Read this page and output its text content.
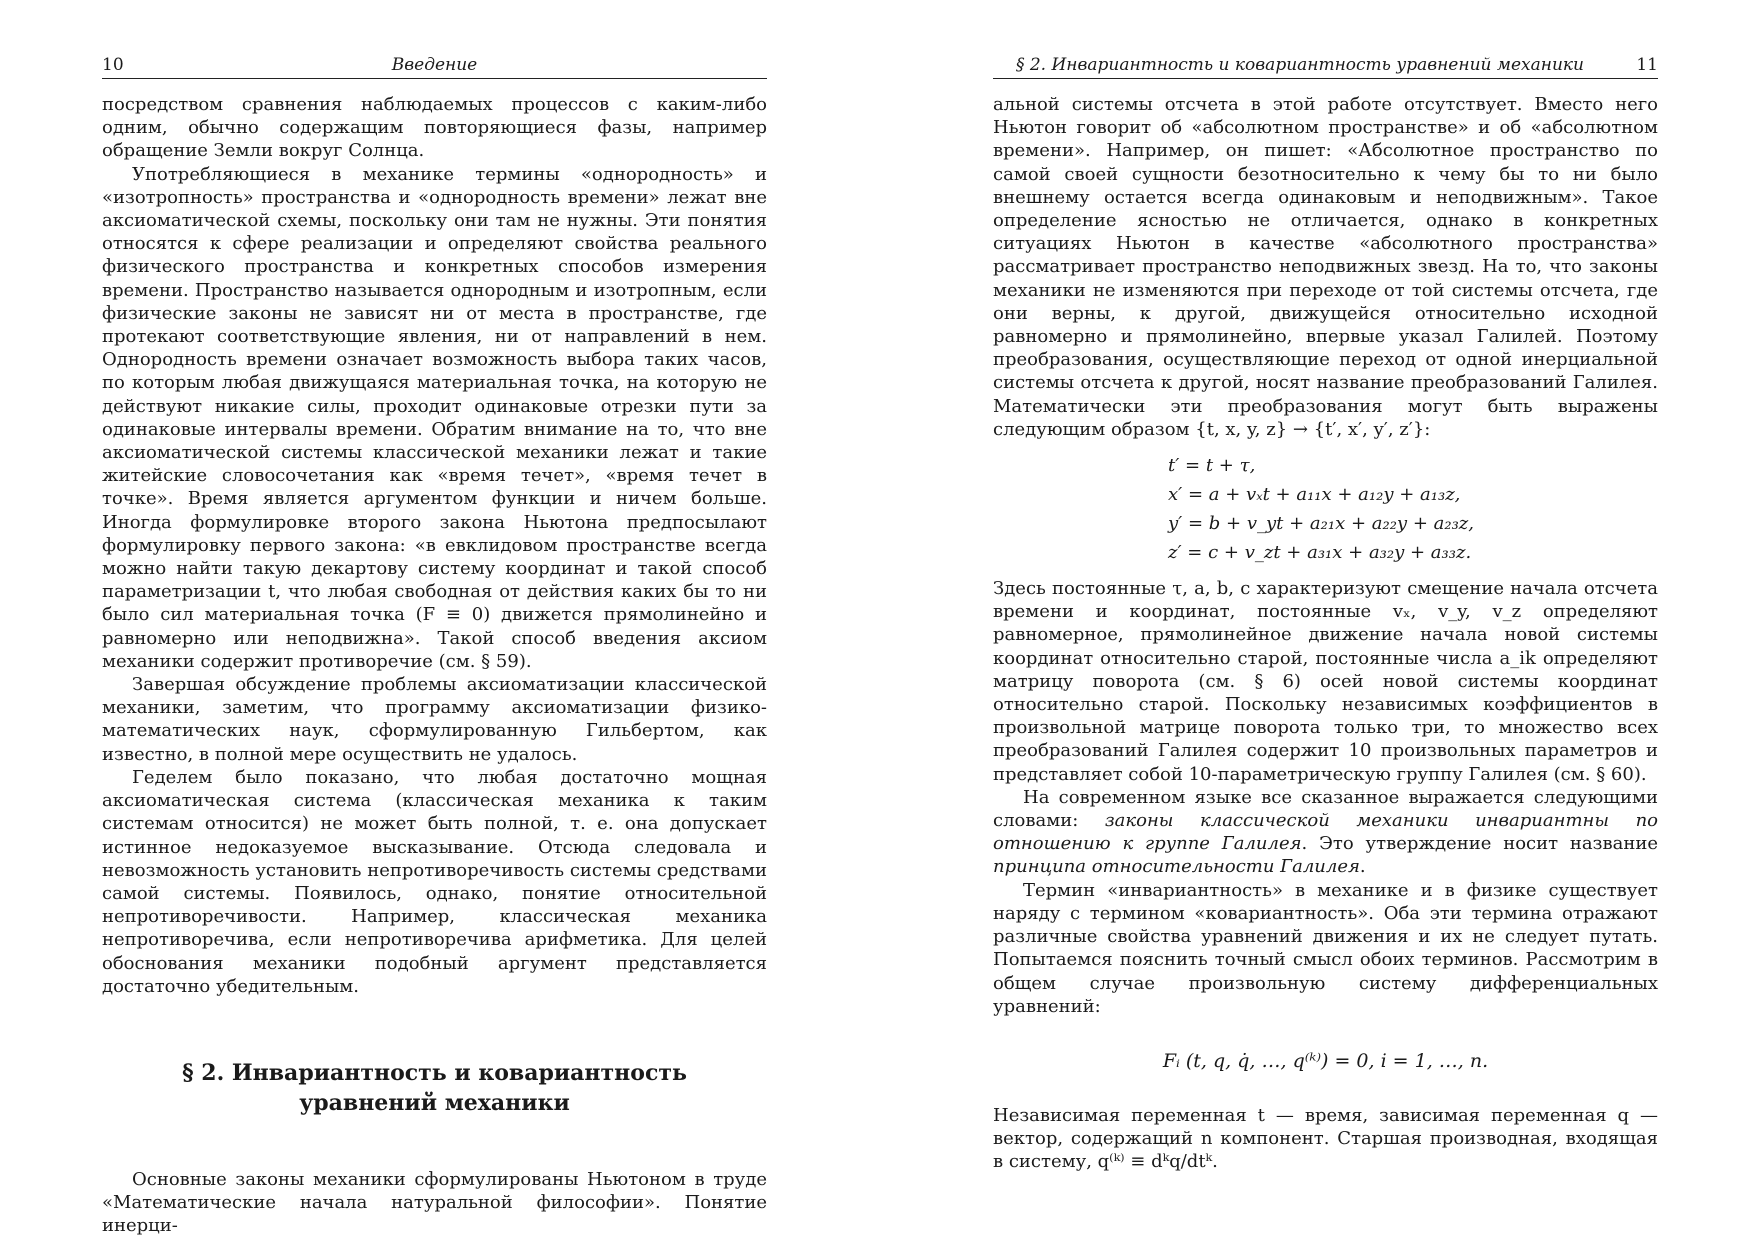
10	Введение

посредством сравнения наблюдаемых процессов с каким-либо одним, обычно содержащим повторяющиеся фазы, например обращение Земли вокруг Солнца.

Употребляющиеся в механике термины «однородность» и «изотропность» пространства и «однородность времени» лежат вне аксиоматической схемы, поскольку они там не нужны. Эти понятия относятся к сфере реализации и определяют свойства реального физического пространства и конкретных способов измерения времени. Пространство называется однородным и изотропным, если физические законы не зависят ни от места в пространстве, где протекают соответствующие явления, ни от направлений в нем. Однородность времени означает возможность выбора таких часов, по которым любая движущаяся материальная точка, на которую не действуют никакие силы, проходит одинаковые отрезки пути за одинаковые интервалы времени. Обратим внимание на то, что вне аксиоматической системы классической механики лежат и такие житейские словосочетания как «время течет», «время течет в точке». Время является аргументом функции и ничем больше. Иногда формулировке второго закона Ньютона предпосылают формулировку первого закона: «в евклидовом пространстве всегда можно найти такую декартову систему координат и такой способ параметризации t, что любая свободная от действия каких бы то ни было сил материальная точка (F ≡ 0) движется прямолинейно и равномерно или неподвижна». Такой способ введения аксиом механики содержит противоречие (см. § 59).

Завершая обсуждение проблемы аксиоматизации классической механики, заметим, что программу аксиоматизации физико-математических наук, сформулированную Гильбертом, как известно, в полной мере осуществить не удалось.

Геделем было показано, что любая достаточно мощная аксиоматическая система (классическая механика к таким системам относится) не может быть полной, т. е. она допускает истинное недоказуемое высказывание. Отсюда следовала и невозможность установить непротиворечивость системы средствами самой системы. Появилось, однако, понятие относительной непротиворечивости. Например, классическая механика непротиворечива, если непротиворечива арифметика. Для целей обоснования механики подобный аргумент представляется достаточно убедительным.

§ 2. Инвариантность и ковариантность
уравнений механики

Основные законы механики сформулированы Ньютоном в труде «Математические начала натуральной философии». Понятие инерци-

§ 2. Инвариантность и ковариантность уравнений механики	11

альной системы отсчета в этой работе отсутствует. Вместо него Ньютон говорит об «абсолютном пространстве» и об «абсолютном времени». Например, он пишет: «Абсолютное пространство по самой своей сущности безотносительно к чему бы то ни было внешнему остается всегда одинаковым и неподвижным». Такое определение ясностью не отличается, однако в конкретных ситуациях Ньютон в качестве «абсолютного пространства» рассматривает пространство неподвижных звезд. На то, что законы механики не изменяются при переходе от той системы отсчета, где они верны, к другой, движущейся относительно исходной равномерно и прямолинейно, впервые указал Галилей. Поэтому преобразования, осуществляющие переход от одной инерциальной системы отсчета к другой, носят название преобразований Галилея. Математически эти преобразования могут быть выражены следующим образом {t, x, y, z} → {t′, x′, y′, z′}:

t′ = t + τ,
x′ = a + vₓt + a₁₁x + a₁₂y + a₁₃z,
y′ = b + v_yt + a₂₁x + a₂₂y + a₂₃z,
z′ = c + v_zt + a₃₁x + a₃₂y + a₃₃z.

Здесь постоянные τ, a, b, c характеризуют смещение начала отсчета времени и координат, постоянные vₓ, v_y, v_z определяют равномерное, прямолинейное движение начала новой системы координат относительно старой, постоянные числа a_ik определяют матрицу поворота (см. § 6) осей новой системы координат относительно старой. Поскольку независимых коэффициентов в произвольной матрице поворота только три, то множество всех преобразований Галилея содержит 10 произвольных параметров и представляет собой 10-параметрическую группу Галилея (см. § 60).

На современном языке все сказанное выражается следующими словами: законы классической механики инвариантны по отношению к группе Галилея. Это утверждение носит название принципа относительности Галилея.

Термин «инвариантность» в механике и в физике существует наряду с термином «ковариантность». Оба эти термина отражают различные свойства уравнений движения и их не следует путать. Попытаемся пояснить точный смысл обоих терминов. Рассмотрим в общем случае произвольную систему дифференциальных уравнений:

Fᵢ (t, q, q̇, …, q⁽ᵏ⁾) = 0, i = 1, …, n.

Независимая переменная t — время, зависимая переменная q — вектор, содержащий n компонент. Старшая производная, входящая в систему, q⁽ᵏ⁾ ≡ dᵏq/dtᵏ.
